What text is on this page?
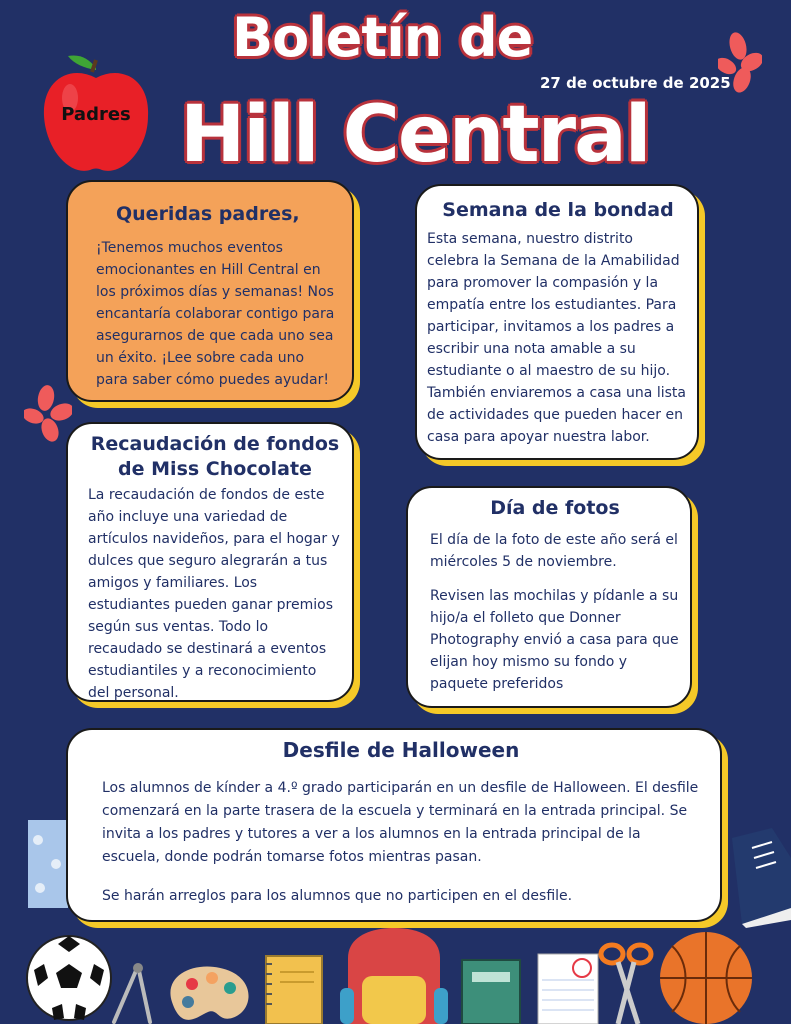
Padres
Boletín de
Hill Central
27 de octubre de 2025
Queridas padres,

¡Tenemos muchos eventos emocionantes en Hill Central en los próximos días y semanas! Nos encantaría colaborar contigo para asegurarnos de que cada uno sea un éxito. ¡Lee sobre cada uno para saber cómo puedes ayudar!

Semana de la bondad

Esta semana, nuestro distrito celebra la Semana de la Amabilidad para promover la compasión y la empatía entre los estudiantes. Para participar, invitamos a los padres a escribir una nota amable a su estudiante o al maestro de su hijo. También enviaremos a casa una lista de actividades que pueden hacer en casa para apoyar nuestra labor.

Recaudación de fondos de Miss Chocolate

La recaudación de fondos de este año incluye una variedad de artículos navideños, para el hogar y dulces que seguro alegrarán a tus amigos y familiares. Los estudiantes pueden ganar premios según sus ventas. Todo lo recaudado se destinará a eventos estudiantiles y a reconocimiento del personal.

Día de fotos

El día de la foto de este año será el miércoles 5 de noviembre.

Revisen las mochilas y pídanle a su hijo/a el folleto que Donner Photography envió a casa para que elijan hoy mismo su fondo y paquete preferidos

Desfile de Halloween

Los alumnos de kínder a 4.º grado participarán en un desfile de Halloween. El desfile comenzará en la parte trasera de la escuela y terminará en la entrada principal. Se invita a los padres y tutores a ver a los alumnos en la entrada principal de la escuela, donde podrán tomarse fotos mientras pasan.

Se harán arreglos para los alumnos que no participen en el desfile.
